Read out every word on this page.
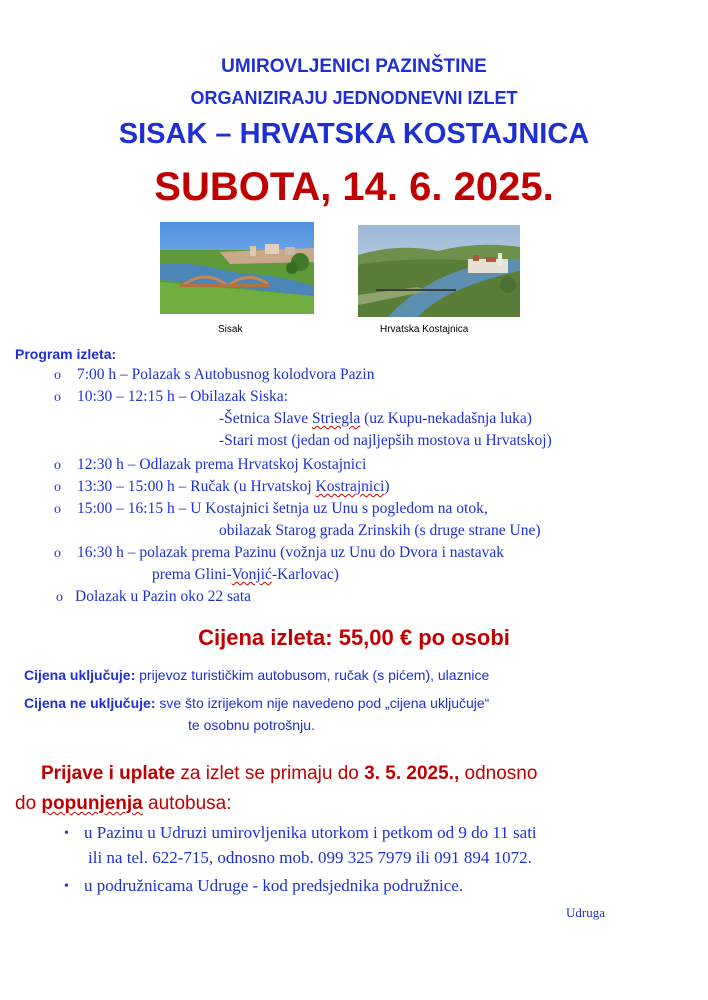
UMIROVLJENICI PAZINŠTINE
ORGANIZIRAJU JEDNODNEVNI IZLET
SISAK – HRVATSKA KOSTAJNICA
SUBOTA, 14. 6. 2025.
Sisak	Hrvatska Kostajnica
Program izleta:
o 7:00 h – Polazak s Autobusnog kolodvora Pazin
o 10:30 – 12:15 h – Obilazak Siska:
-Šetnica Slave Striegla (uz Kupu-nekadašnja luka)
-Stari most (jedan od najljepših mostova u Hrvatskoj)
o 12:30 h – Odlazak prema Hrvatskoj Kostajnici
o 13:30 – 15:00 h – Ručak (u Hrvatskoj Kostrajnici)
o 15:00 – 16:15 h – U Kostajnici šetnja uz Unu s pogledom na otok,
obilazak Starog grada Zrinskih (s druge strane Une)
o 16:30 h – polazak prema Pazinu (vožnja uz Unu do Dvora i nastavak
prema Glini-Vonjić-Karlovac)
o Dolazak u Pazin oko 22 sata
Cijena izleta: 55,00 € po osobi
Cijena uključuje: prijevoz turističkim autobusom, ručak (s pićem), ulaznice
Cijena ne uključuje: sve što izrijekom nije navedeno pod „cijena uključuje“
te osobnu potrošnju.
Prijave i uplate za izlet se primaju do 3. 5. 2025., odnosno
do popunjenja autobusa:
• u Pazinu u Udruzi umirovljenika utorkom i petkom od 9 do 11 sati
ili na tel. 622-715, odnosno mob. 099 325 7979 ili 091 894 1072.
• u podružnicama Udruge - kod predsjednika podružnice.
Udruga
